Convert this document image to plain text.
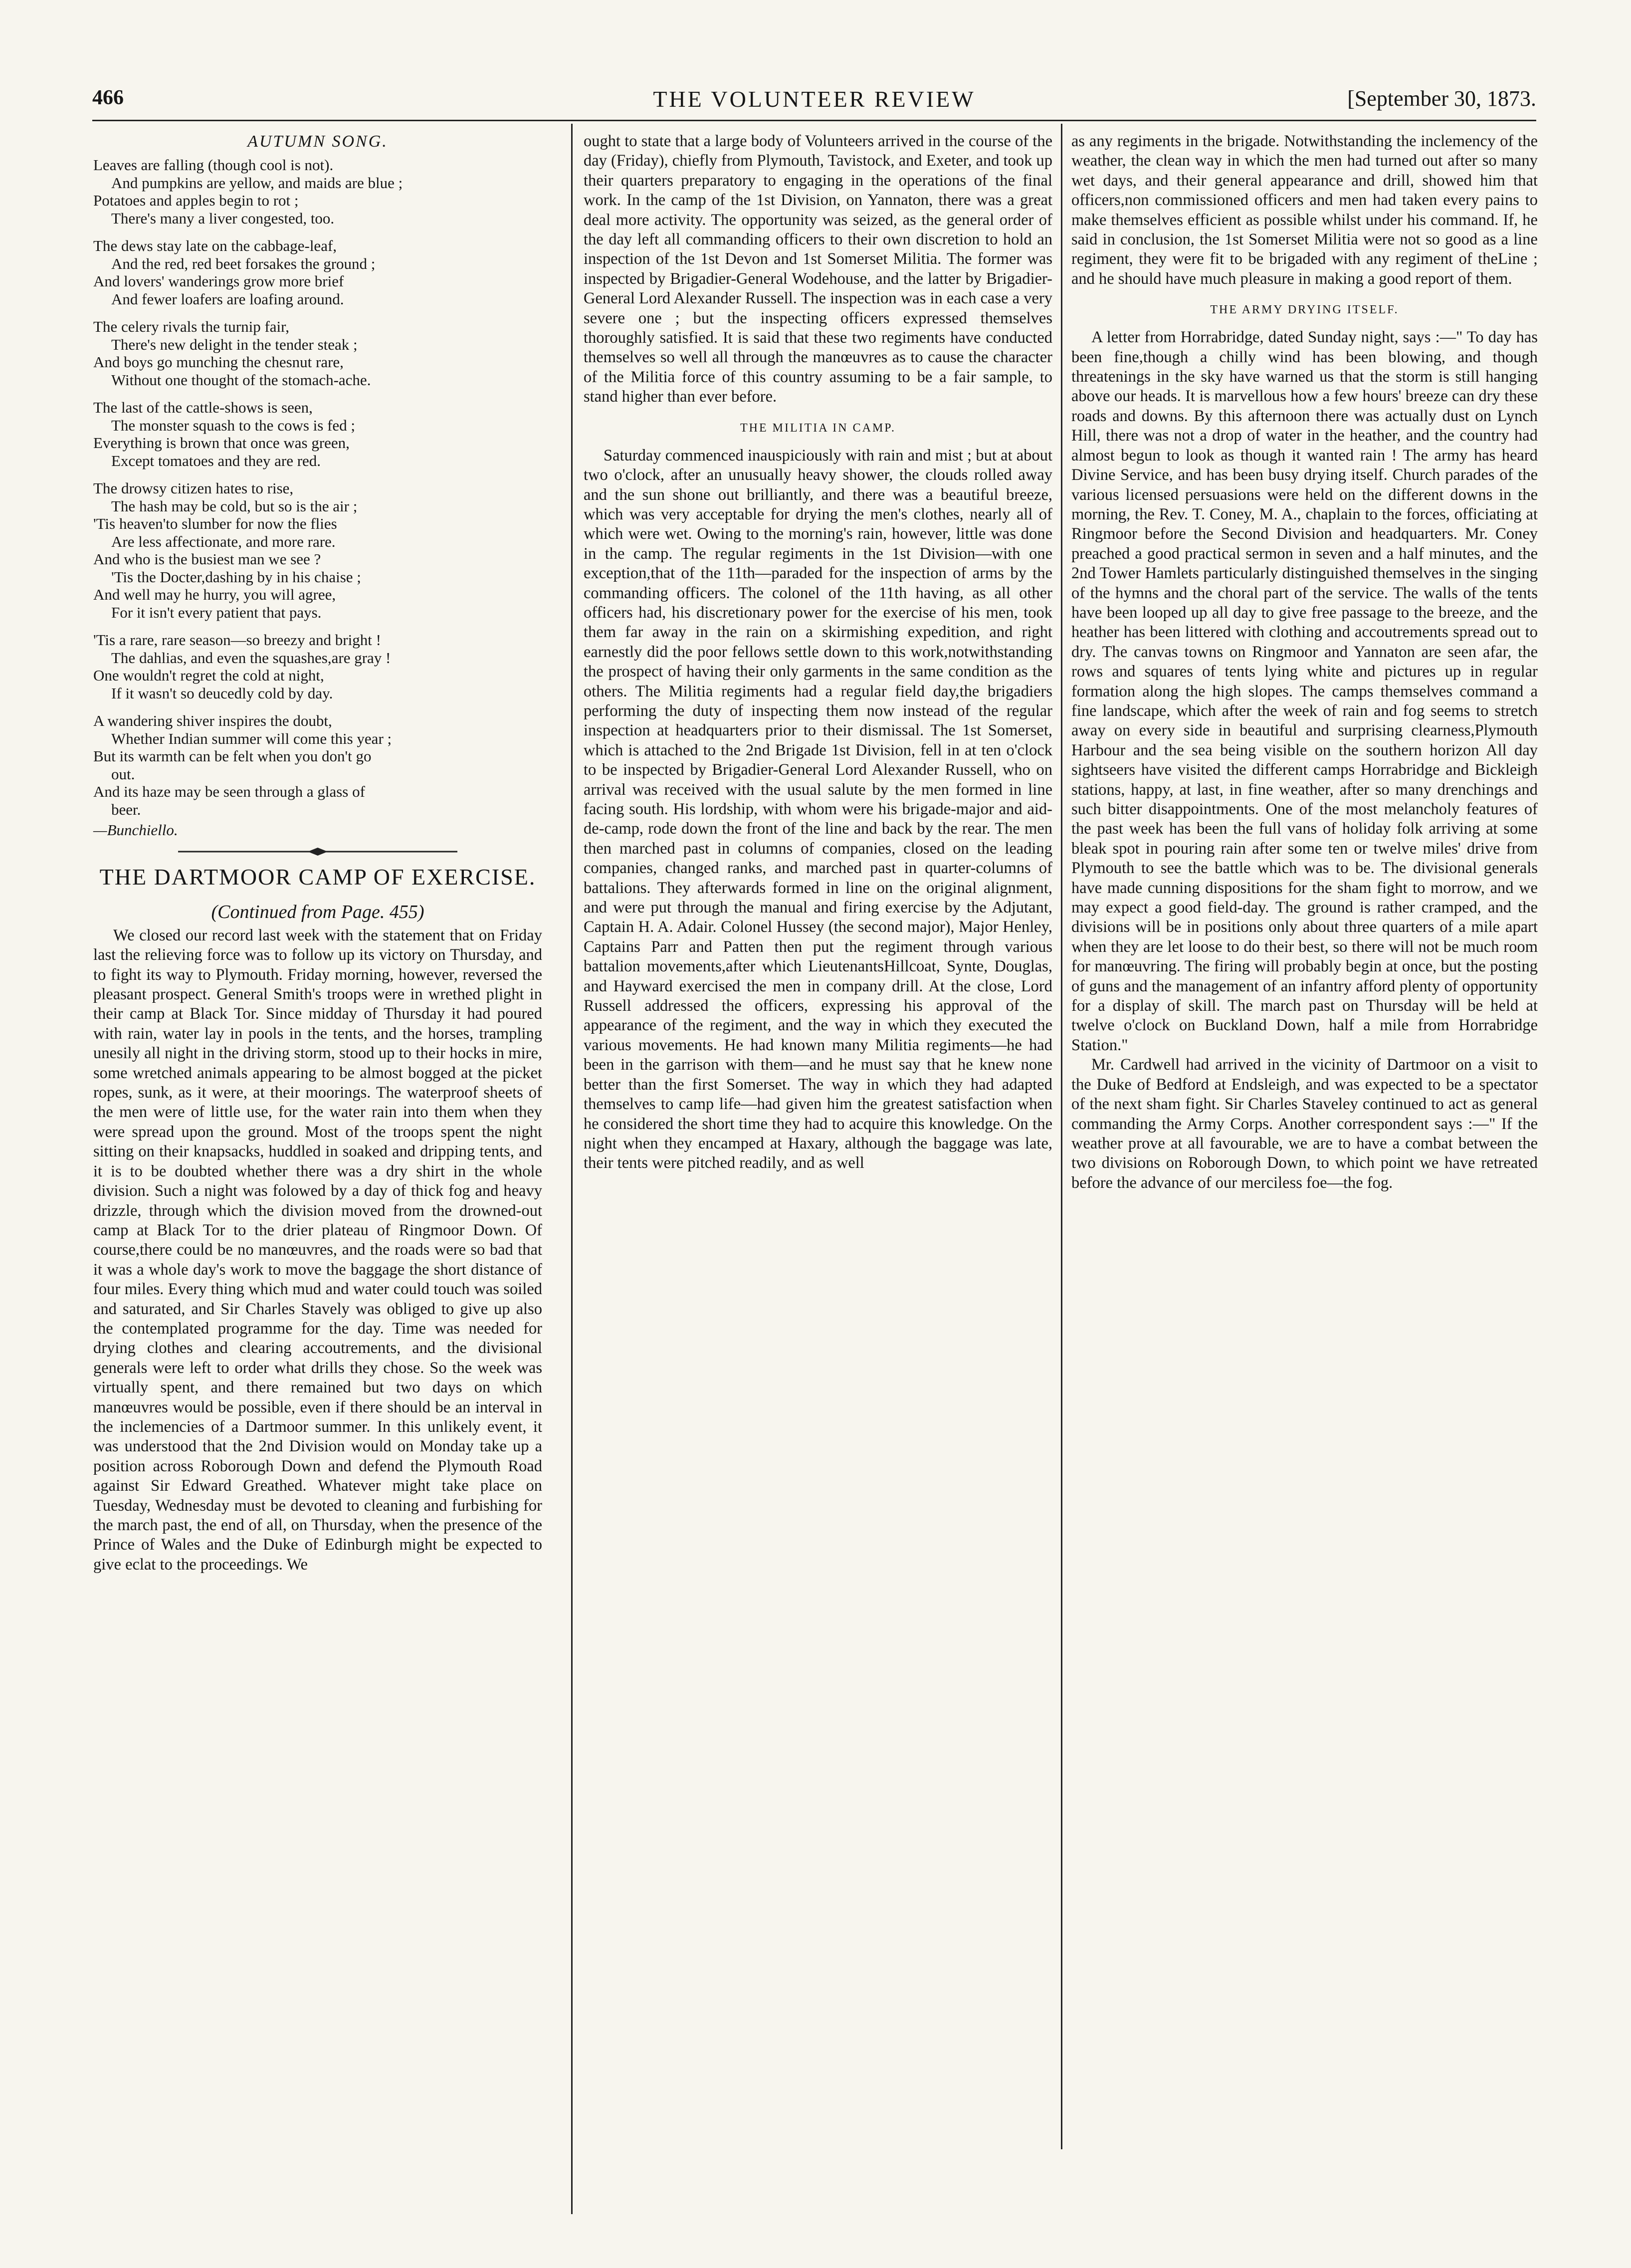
466	THE VOLUNTEER REVIEW	[September 30, 1873.
AUTUMN SONG.
Leaves are falling (though cool is not).
And pumpkins are yellow, and maids are blue ;
Potatoes and apples begin to rot ;
There's many a liver congested, too.
The dews stay late on the cabbage-leaf,
And the red, red beet forsakes the ground ;
And lovers' wanderings grow more brief
And fewer loafers are loafing around.
The celery rivals the turnip fair,
There's new delight in the tender steak ;
And boys go munching the chesnut rare,
Without one thought of the stomach-ache.
The last of the cattle-shows is seen,
The monster squash to the cows is fed ;
Everything is brown that once was green,
Except tomatoes and they are red.
The drowsy citizen hates to rise,
The hash may be cold, but so is the air ;
'Tis heaven'to slumber for now the flies
Are less affectionate, and more rare.
And who is the busiest man we see ?
'Tis the Docter,dashing by in his chaise ;
And well may he hurry, you will agree,
For it isn't every patient that pays.
'Tis a rare, rare season—so breezy and bright !
The dahlias, and even the squashes,are gray !
One wouldn't regret the cold at night,
If it wasn't so deucedly cold by day.
A wandering shiver inspires the doubt,
Whether Indian summer will come this year ;
But its warmth can be felt when you don't go
out.
And its haze may be seen through a glass of
beer.
—Bunchiello.
THE DARTMOOR CAMP OF EXERCISE.
(Continued from Page. 455)

We closed our record last week with the statement that on Friday last the relieving force was to follow up its victory on Thursday, and to fight its way to Plymouth. Friday morning, however, reversed the pleasant prospect. General Smith's troops were in wrethed plight in their camp at Black Tor. Since midday of Thursday it had poured with rain, water lay in pools in the tents, and the horses, trampling unesily all night in the driving storm, stood up to their hocks in mire, some wretched animals appearing to be almost bogged at the picket ropes, sunk, as it were, at their moorings. The waterproof sheets of the men were of little use, for the water rain into them when they were spread upon the ground. Most of the troops spent the night sitting on their knapsacks, huddled in soaked and dripping tents, and it is to be doubted whether there was a dry shirt in the whole division. Such a night was folowed by a day of thick fog and heavy drizzle, through which the division moved from the drowned-out camp at Black Tor to the drier plateau of Ringmoor Down. Of course,there could be no manœuvres, and the roads were so bad that it was a whole day's work to move the baggage the short distance of four miles. Every thing which mud and water could touch was soiled and saturated, and Sir Charles Stavely was obliged to give up also the contemplated programme for the day. Time was needed for drying clothes and clearing accoutrements, and the divisional generals were left to order what drills they chose. So the week was virtually spent, and there remained but two days on which manœuvres would be possible, even if there should be an interval in the inclemencies of a Dartmoor summer. In this unlikely event, it was understood that the 2nd Division would on Monday take up a position across Roborough Down and defend the Plymouth Road against Sir Edward Greathed. Whatever might take place on Tuesday, Wednesday must be devoted to cleaning and furbishing for the march past, the end of all, on Thursday, when the presence of the Prince of Wales and the Duke of Edinburgh might be expected to give eclat to the proceedings. We

ought to state that a large body of Volunteers arrived in the course of the day (Friday), chiefly from Plymouth, Tavistock, and Exeter, and took up their quarters preparatory to engaging in the operations of the final work. In the camp of the 1st Division, on Yannaton, there was a great deal more activity. The opportunity was seized, as the general order of the day left all commanding officers to their own discretion to hold an inspection of the 1st Devon and 1st Somerset Militia. The former was inspected by Brigadier-General Wodehouse, and the latter by Brigadier-General Lord Alexander Russell. The inspection was in each case a very severe one ; but the inspecting officers expressed themselves thoroughly satisfied. It is said that these two regiments have conducted themselves so well all through the manœuvres as to cause the character of the Militia force of this country assuming to be a fair sample, to stand higher than ever before.

THE MILITIA IN CAMP.

Saturday commenced inauspiciously with rain and mist ; but at about two o'clock, after an unusually heavy shower, the clouds rolled away and the sun shone out brilliantly, and there was a beautiful breeze, which was very acceptable for drying the men's clothes, nearly all of which were wet. Owing to the morning's rain, however, little was done in the camp. The regular regiments in the 1st Division—with one exception,that of the 11th—paraded for the inspection of arms by the commanding officers. The colonel of the 11th having, as all other officers had, his discretionary power for the exercise of his men, took them far away in the rain on a skirmishing expedition, and right earnestly did the poor fellows settle down to this work,notwithstanding the prospect of having their only garments in the same condition as the others. The Militia regiments had a regular field day,the brigadiers performing the duty of inspecting them now instead of the regular inspection at headquarters prior to their dismissal. The 1st Somerset, which is attached to the 2nd Brigade 1st Division, fell in at ten o'clock to be inspected by Brigadier-General Lord Alexander Russell, who on arrival was received with the usual salute by the men formed in line facing south. His lordship, with whom were his brigade-major and aid-de-camp, rode down the front of the line and back by the rear. The men then marched past in columns of companies, closed on the leading companies, changed ranks, and marched past in quarter-columns of battalions. They afterwards formed in line on the original alignment, and were put through the manual and firing exercise by the Adjutant, Captain H. A. Adair. Colonel Hussey (the second major), Major Henley, Captains Parr and Patten then put the regiment through various battalion movements,after which LieutenantsHillcoat, Synte, Douglas, and Hayward exercised the men in company drill. At the close, Lord Russell addressed the officers, expressing his approval of the appearance of the regiment, and the way in which they executed the various movements. He had known many Militia regiments—he had been in the garrison with them—and he must say that he knew none better than the first Somerset. The way in which they had adapted themselves to camp life—had given him the greatest satisfaction when he considered the short time they had to acquire this knowledge. On the night when they encamped at Haxary, although the baggage was late, their tents were pitched readily, and as well

as any regiments in the brigade. Notwithstanding the inclemency of the weather, the clean way in which the men had turned out after so many wet days, and their general appearance and drill, showed him that officers,non commissioned officers and men had taken every pains to make themselves efficient as possible whilst under his command. If, he said in conclusion, the 1st Somerset Militia were not so good as a line regiment, they were fit to be brigaded with any regiment of theLine ; and he should have much pleasure in making a good report of them.

THE ARMY DRYING ITSELF.

A letter from Horrabridge, dated Sunday night, says :—" To day has been fine,though a chilly wind has been blowing, and though threatenings in the sky have warned us that the storm is still hanging above our heads. It is marvellous how a few hours' breeze can dry these roads and downs. By this afternoon there was actually dust on Lynch Hill, there was not a drop of water in the heather, and the country had almost begun to look as though it wanted rain ! The army has heard Divine Service, and has been busy drying itself. Church parades of the various licensed persuasions were held on the different downs in the morning, the Rev. T. Coney, M. A., chaplain to the forces, officiating at Ringmoor before the Second Division and headquarters. Mr. Coney preached a good practical sermon in seven and a half minutes, and the 2nd Tower Hamlets particularly distinguished themselves in the singing of the hymns and the choral part of the service. The walls of the tents have been looped up all day to give free passage to the breeze, and the heather has been littered with clothing and accoutrements spread out to dry. The canvas towns on Ringmoor and Yannaton are seen afar, the rows and squares of tents lying white and pictures up in regular formation along the high slopes. The camps themselves command a fine landscape, which after the week of rain and fog seems to stretch away on every side in beautiful and surprising clearness,Plymouth Harbour and the sea being visible on the southern horizon All day sightseers have visited the different camps Horrabridge and Bickleigh stations, happy, at last, in fine weather, after so many drenchings and such bitter disappointments. One of the most melancholy features of the past week has been the full vans of holiday folk arriving at some bleak spot in pouring rain after some ten or twelve miles' drive from Plymouth to see the battle which was to be. The divisional generals have made cunning dispositions for the sham fight to morrow, and we may expect a good field-day. The ground is rather cramped, and the divisions will be in positions only about three quarters of a mile apart when they are let loose to do their best, so there will not be much room for manœuvring. The firing will probably begin at once, but the posting of guns and the management of an infantry afford plenty of opportunity for a display of skill. The march past on Thursday will be held at twelve o'clock on Buckland Down, half a mile from Horrabridge Station."

Mr. Cardwell had arrived in the vicinity of Dartmoor on a visit to the Duke of Bedford at Endsleigh, and was expected to be a spectator of the next sham fight. Sir Charles Staveley continued to act as general commanding the Army Corps. Another correspondent says :—" If the weather prove at all favourable, we are to have a combat between the two divisions on Roborough Down, to which point we have retreated before the advance of our merciless foe—the fog.
